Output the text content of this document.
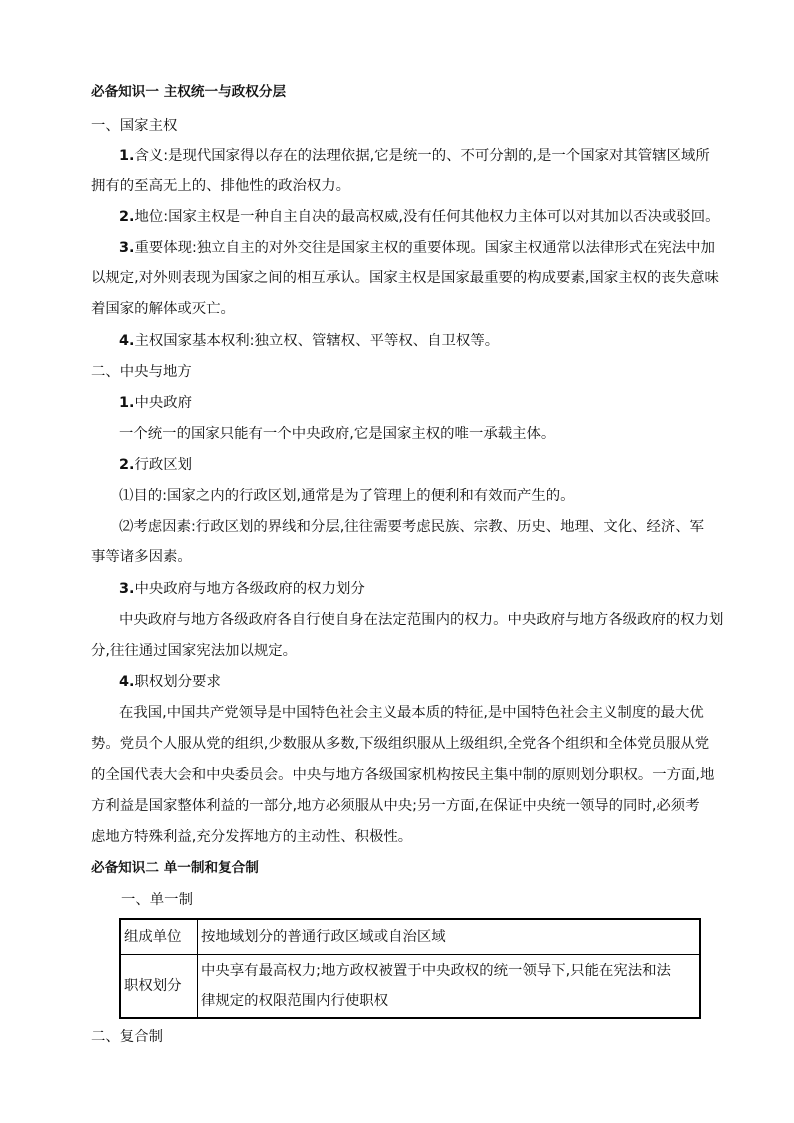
必备知识一 主权统一与政权分层
一、国家主权
1.含义:是现代国家得以存在的法理依据,它是统一的、不可分割的,是一个国家对其管辖区域所
拥有的至高无上的、排他性的政治权力。
2.地位:国家主权是一种自主自决的最高权威,没有任何其他权力主体可以对其加以否决或驳回。
3.重要体现:独立自主的对外交往是国家主权的重要体现。国家主权通常以法律形式在宪法中加
以规定,对外则表现为国家之间的相互承认。国家主权是国家最重要的构成要素,国家主权的丧失意味
着国家的解体或灭亡。
4.主权国家基本权利:独立权、管辖权、平等权、自卫权等。
二、中央与地方
1.中央政府
一个统一的国家只能有一个中央政府,它是国家主权的唯一承载主体。
2.行政区划
⑴目的:国家之内的行政区划,通常是为了管理上的便利和有效而产生的。
⑵考虑因素:行政区划的界线和分层,往往需要考虑民族、宗教、历史、地理、文化、经济、军
事等诸多因素。
3.中央政府与地方各级政府的权力划分
中央政府与地方各级政府各自行使自身在法定范围内的权力。中央政府与地方各级政府的权力划
分,往往通过国家宪法加以规定。
4.职权划分要求
在我国,中国共产党领导是中国特色社会主义最本质的特征,是中国特色社会主义制度的最大优
势。党员个人服从党的组织,少数服从多数,下级组织服从上级组织,全党各个组织和全体党员服从党
的全国代表大会和中央委员会。中央与地方各级国家机构按民主集中制的原则划分职权。一方面,地
方利益是国家整体利益的一部分,地方必须服从中央;另一方面,在保证中央统一领导的同时,必须考
虑地方特殊利益,充分发挥地方的主动性、积极性。
必备知识二 单一制和复合制
一、单一制
组成单位	按地域划分的普通行政区域或自治区域
职权划分	中央享有最高权力;地方政权被置于中央政权的统一领导下,只能在宪法和法
律规定的权限范围内行使职权
二、复合制
